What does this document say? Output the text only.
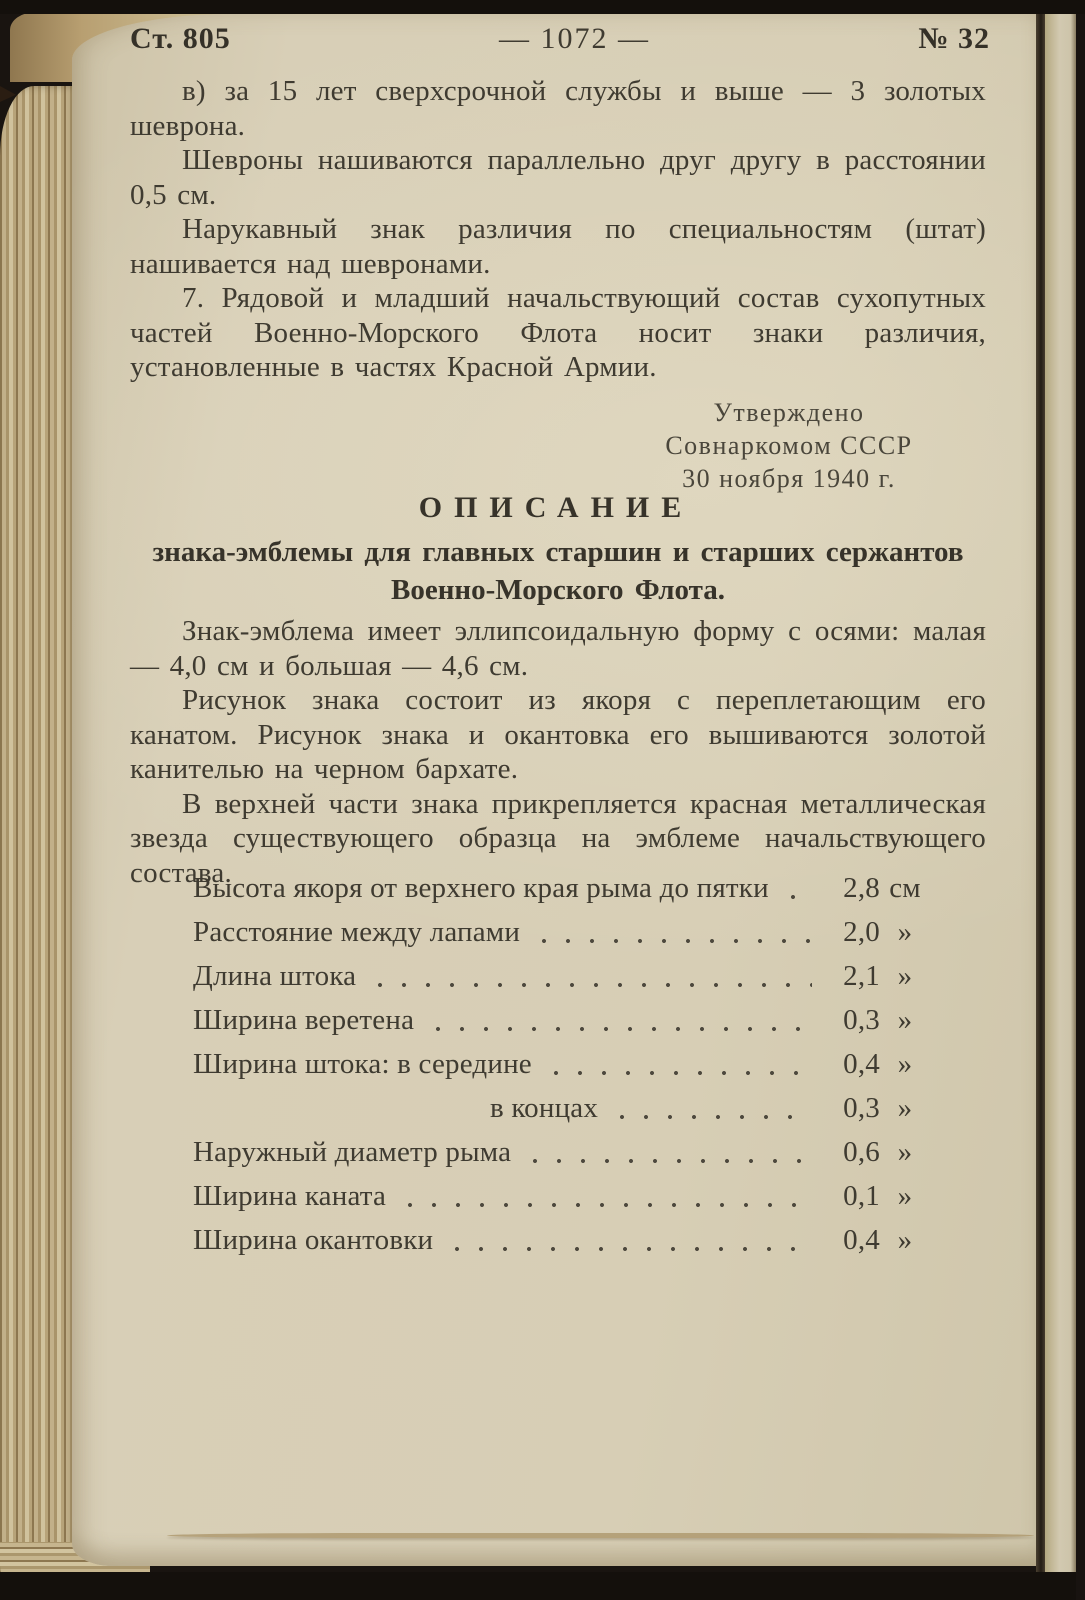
Ст. 805	— 1072 —	№ 32

в) за 15 лет сверхсрочной службы и выше — 3 золотых шеврона.

Шевроны нашиваются параллельно друг другу в расстоянии 0,5 см.

Нарукавный знак различия по специальностям (штат) нашивается над шевронами.

7. Рядовой и младший начальствующий состав сухопутных частей Военно-Морского Флота носит знаки различия, установленные в частях Красной Армии.

Утверждено
Совнаркомом СССР
30 ноября 1940 г.
ОПИСАНИЕ
знака-эмблемы для главных старшин и старших сержантов
Военно-Морского Флота.

Знак-эмблема имеет эллипсоидальную форму с осями: малая — 4,0 см и большая — 4,6 см.

Рисунок знака состоит из якоря с переплетающим его канатом. Рисунок знака и окантовка его вышиваются золотой канителью на черном бархате.

В верхней части знака прикрепляется красная металлическая звезда существующего образца на эмблеме начальствующего состава.

Высота якоря от верхнего края рыма до пятки	2,8 см
Расстояние между лапами	2,0 »
Длина штока	2,1 »
Ширина веретена	0,3 »
Ширина штока: в середине	0,4 »
в концах	0,3 »
Наружный диаметр рыма	0,6 »
Ширина каната	0,1 »
Ширина окантовки	0,4 »
